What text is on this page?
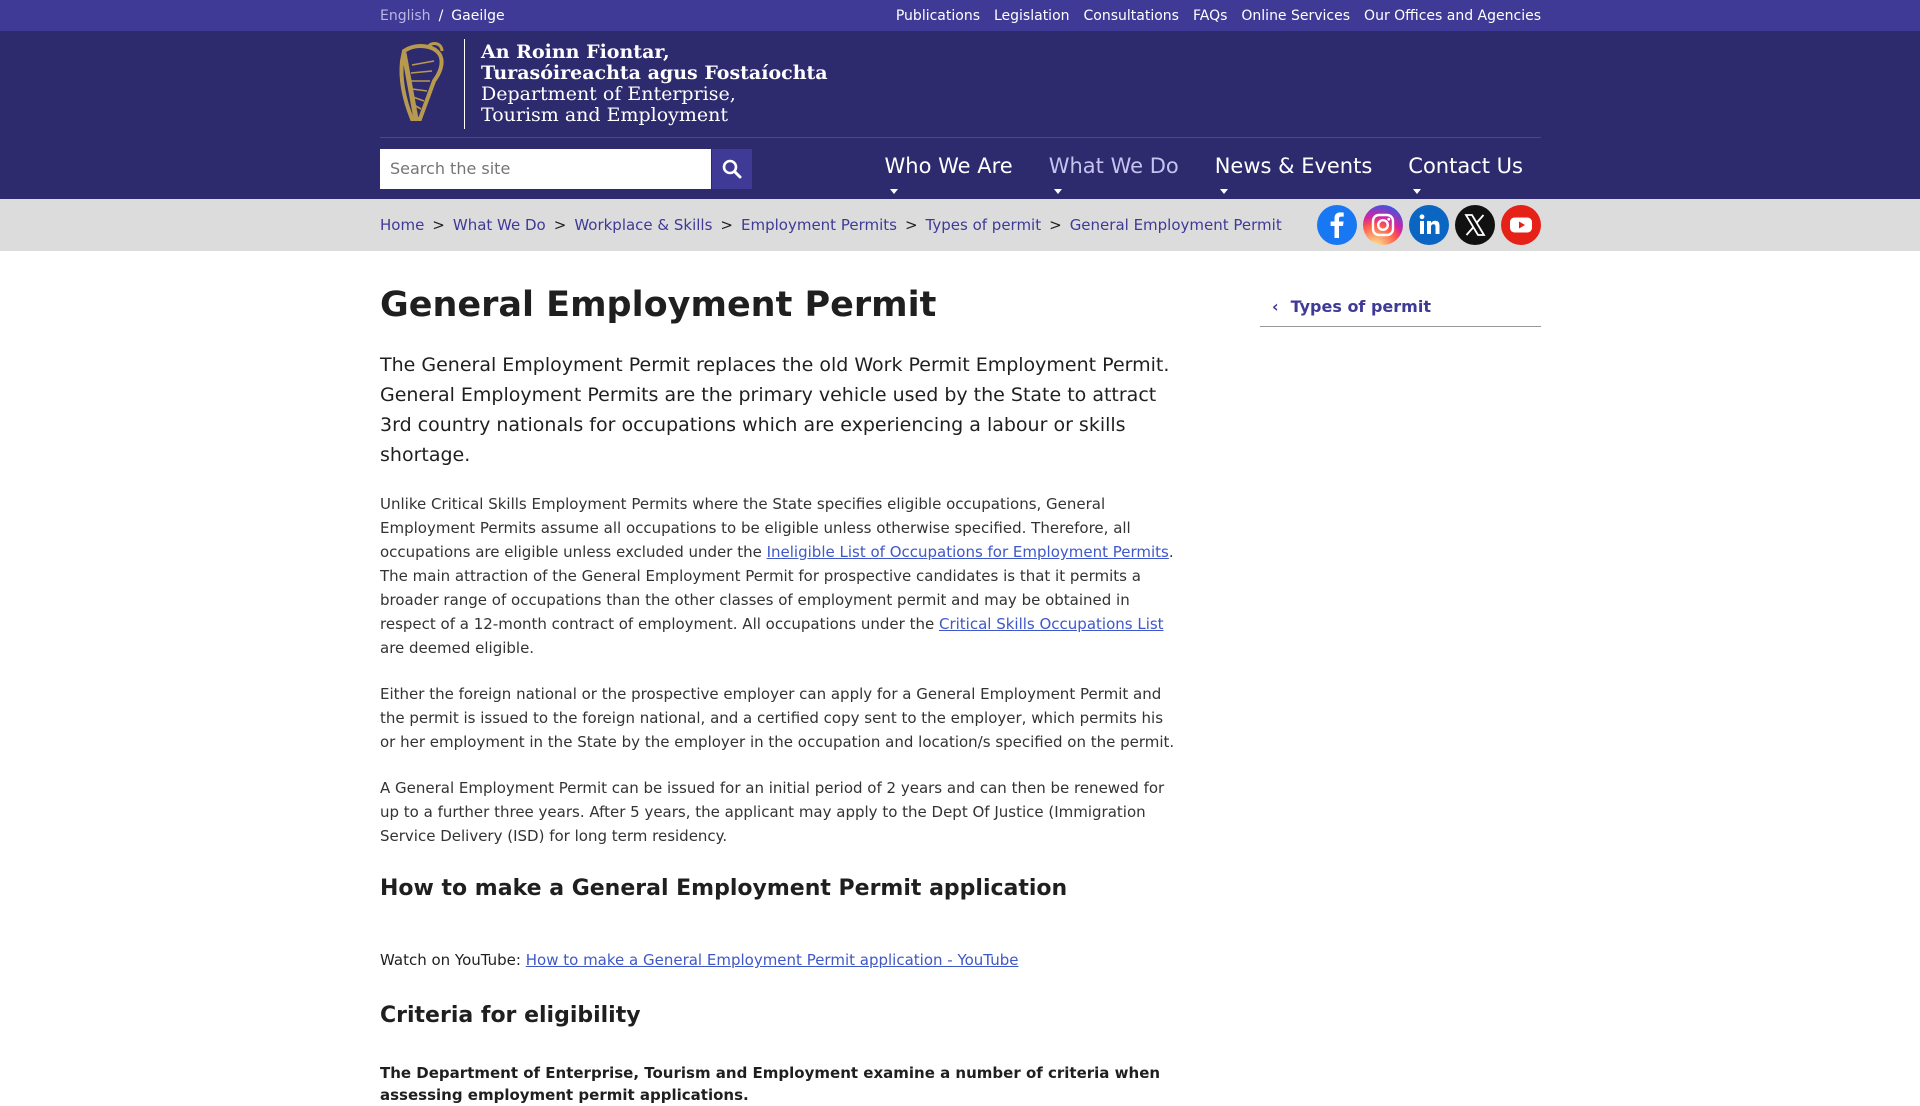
English / Gaeilge	Publications Legislation Consultations FAQs Online Services Our Offices and Agencies
An Roinn Fiontar,
Turasóireachta agus Fostaíochta
Department of Enterprise,
Tourism and Employment
Search the site
Who We Are What We Do News & Events Contact Us
Home > What We Do > Workplace & Skills > Employment Permits > Types of permit > General Employment Permit
General Employment Permit

The General Employment Permit replaces the old Work Permit Employment Permit. General Employment Permits are the primary vehicle used by the State to attract 3rd country nationals for occupations which are experiencing a labour or skills shortage.

Unlike Critical Skills Employment Permits where the State specifies eligible occupations, General Employment Permits assume all occupations to be eligible unless otherwise specified. Therefore, all occupations are eligible unless excluded under the Ineligible List of Occupations for Employment Permits. The main attraction of the General Employment Permit for prospective candidates is that it permits a broader range of occupations than the other classes of employment permit and may be obtained in respect of a 12-month contract of employment. All occupations under the Critical Skills Occupations List are deemed eligible.

Either the foreign national or the prospective employer can apply for a General Employment Permit and the permit is issued to the foreign national, and a certified copy sent to the employer, which permits his or her employment in the State by the employer in the occupation and location/s specified on the permit.

A General Employment Permit can be issued for an initial period of 2 years and can then be renewed for up to a further three years. After 5 years, the applicant may apply to the Dept Of Justice (Immigration Service Delivery (ISD) for long term residency.

How to make a General Employment Permit application

Watch on YouTube: How to make a General Employment Permit application - YouTube

Criteria for eligibility

The Department of Enterprise, Tourism and Employment examine a number of criteria when assessing employment permit applications.

‹ Types of permit
